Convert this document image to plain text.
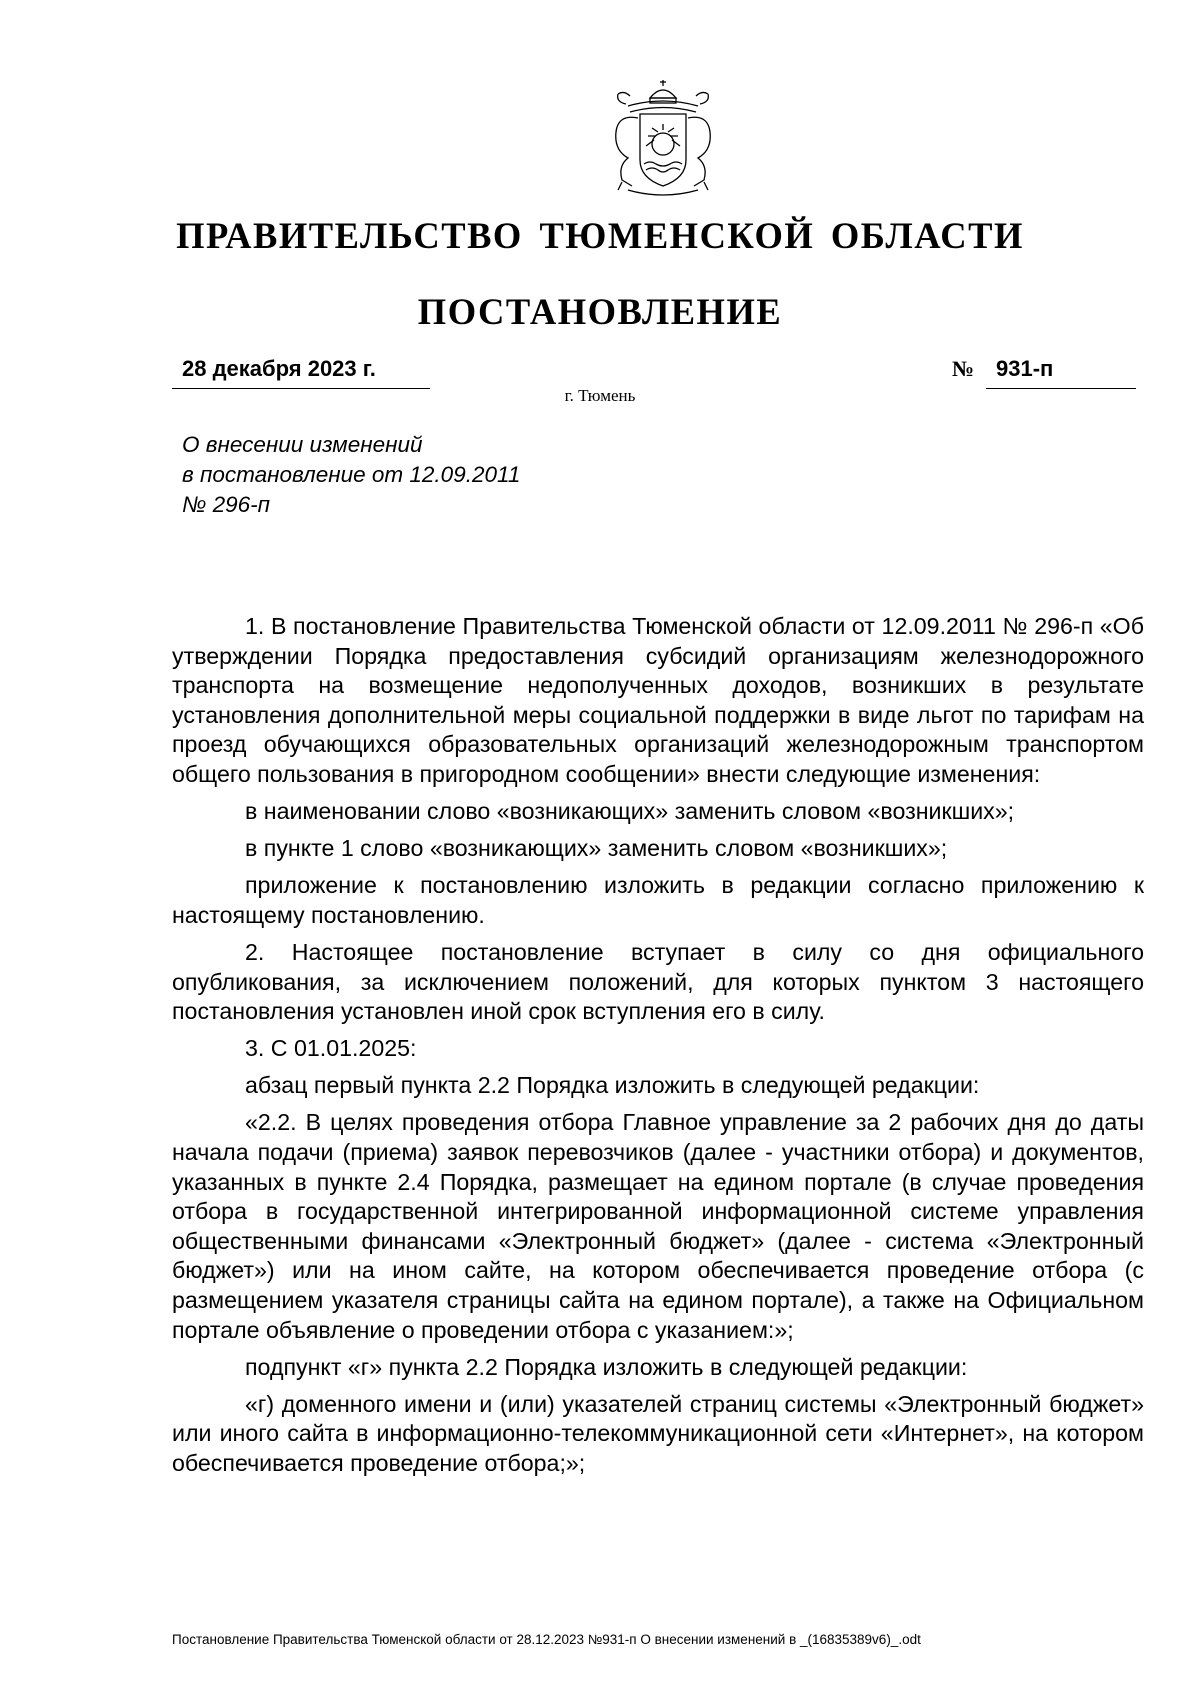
ПРАВИТЕЛЬСТВО ТЮМЕНСКОЙ ОБЛАСТИ
ПОСТАНОВЛЕНИЕ
28 декабря 2023 г.	№ 931-п
г. Тюмень
О внесении изменений
в постановление от 12.09.2011
№ 296-п

1. В постановление Правительства Тюменской области от 12.09.2011 № 296-п «Об утверждении Порядка предоставления субсидий организациям железнодорожного транспорта на возмещение недополученных доходов, возникших в результате установления дополнительной меры социальной поддержки в виде льгот по тарифам на проезд обучающихся образовательных организаций железнодорожным транспортом общего пользования в пригородном сообщении» внести следующие изменения:

в наименовании слово «возникающих» заменить словом «возникших»;

в пункте 1 слово «возникающих» заменить словом «возникших»;

приложение к постановлению изложить в редакции согласно приложению к настоящему постановлению.

2. Настоящее постановление вступает в силу со дня официального опубликования, за исключением положений, для которых пунктом 3 настоящего постановления установлен иной срок вступления его в силу.

3. С 01.01.2025:

абзац первый пункта 2.2 Порядка изложить в следующей редакции:

«2.2. В целях проведения отбора Главное управление за 2 рабочих дня до даты начала подачи (приема) заявок перевозчиков (далее - участники отбора) и документов, указанных в пункте 2.4 Порядка, размещает на едином портале (в случае проведения отбора в государственной интегрированной информационной системе управления общественными финансами «Электронный бюджет» (далее - система «Электронный бюджет») или на ином сайте, на котором обеспечивается проведение отбора (с размещением указателя страницы сайта на едином портале), а также на Официальном портале объявление о проведении отбора с указанием:»;

подпункт «г» пункта 2.2 Порядка изложить в следующей редакции:

«г) доменного имени и (или) указателей страниц системы «Электронный бюджет» или иного сайта в информационно-телекоммуникационной сети «Интернет», на котором обеспечивается проведение отбора;»;

Постановление Правительства Тюменской области от 28.12.2023 №931-п О внесении изменений в _(16835389v6)_.odt
